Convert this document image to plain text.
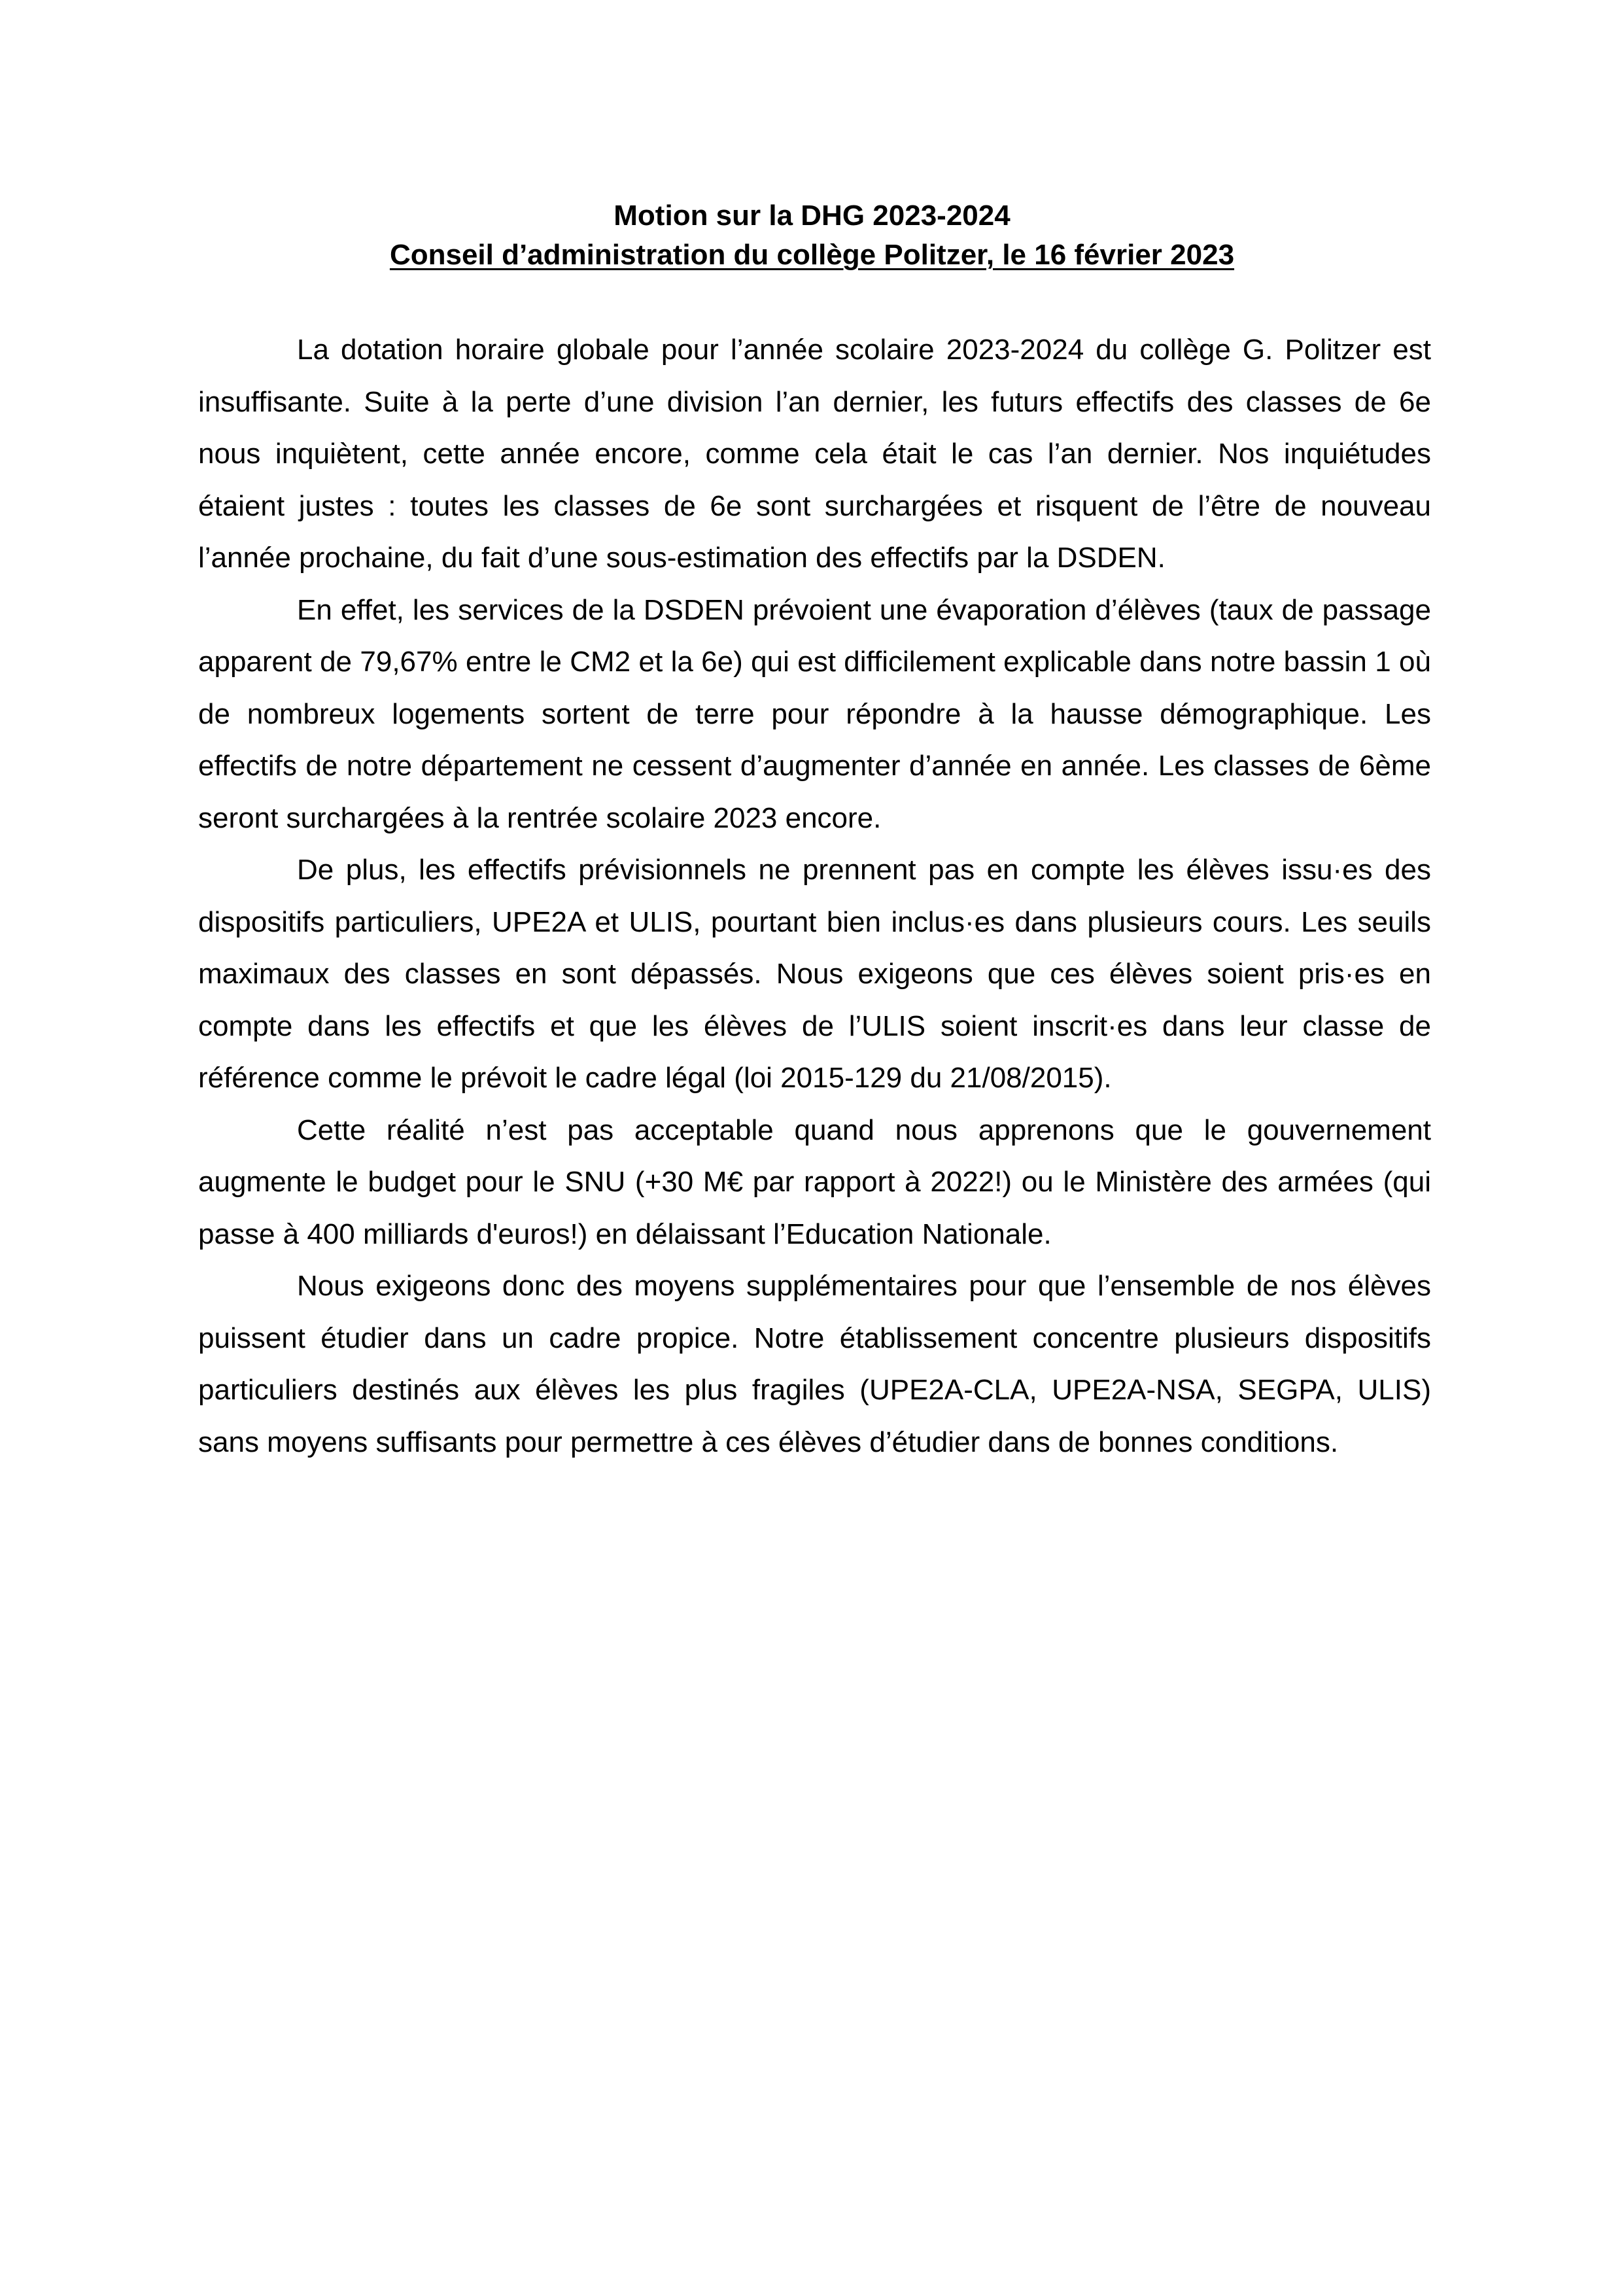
Motion sur la DHG 2023-2024
Conseil d’administration du collège Politzer, le 16 février 2023

La dotation horaire globale pour l’année scolaire 2023-2024 du collège G. Politzer est insuffisante. Suite à la perte d’une division l’an dernier, les futurs effectifs des classes de 6e nous inquiètent, cette année encore, comme cela était le cas l’an dernier. Nos inquiétudes étaient justes : toutes les classes de 6e sont surchargées et risquent de l’être de nouveau l’année prochaine, du fait d’une sous-estimation des effectifs par la DSDEN.

En effet, les services de la DSDEN prévoient une évaporation d’élèves (taux de passage apparent de 79,67% entre le CM2 et la 6e) qui est difficilement explicable dans notre bassin 1 où de nombreux logements sortent de terre pour répondre à la hausse démographique. Les effectifs de notre département ne cessent d’augmenter d’année en année. Les classes de 6ème seront surchargées à la rentrée scolaire 2023 encore.

De plus, les effectifs prévisionnels ne prennent pas en compte les élèves issu·es des dispositifs particuliers, UPE2A et ULIS, pourtant bien inclus·es dans plusieurs cours. Les seuils maximaux des classes en sont dépassés. Nous exigeons que ces élèves soient pris·es en compte dans les effectifs et que les élèves de l’ULIS soient inscrit·es dans leur classe de référence comme le prévoit le cadre légal (loi 2015-129 du 21/08/2015).

Cette réalité n’est pas acceptable quand nous apprenons que le gouvernement augmente le budget pour le SNU (+30 M€ par rapport à 2022!) ou le Ministère des armées (qui passe à 400 milliards d'euros!) en délaissant l’Education Nationale.

Nous exigeons donc des moyens supplémentaires pour que l’ensemble de nos élèves puissent étudier dans un cadre propice. Notre établissement concentre plusieurs dispositifs particuliers destinés aux élèves les plus fragiles (UPE2A-CLA, UPE2A-NSA, SEGPA, ULIS) sans moyens suffisants pour permettre à ces élèves d’étudier dans de bonnes conditions.
